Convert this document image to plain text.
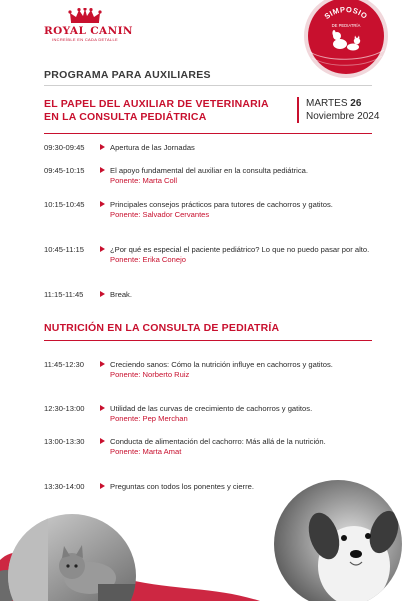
ROYAL CANIN
INCREÍBLE EN CADA DETALLE
SIMPOSIO
DE PEDIATRÍA
PROGRAMA PARA AUXILIARES
EL PAPEL DEL AUXILIAR DE VETERINARIA
EN LA CONSULTA PEDIÁTRICA
MARTES 26
Noviembre 2024
09:30-09:45	Apertura de las Jornadas
09:45-10:15	El apoyo fundamental del auxiliar en la consulta pediátrica.
Ponente: Marta Coll
10:15-10:45	Principales consejos prácticos para tutores de cachorros y gatitos.
Ponente: Salvador Cervantes
10:45-11:15	¿Por qué es especial el paciente pediátrico? Lo que no puedo pasar por alto.
Ponente: Erika Conejo
11:15-11:45	Break.
NUTRICIÓN EN LA CONSULTA DE PEDIATRÍA
11:45-12:30	Creciendo sanos: Cómo la nutrición influye en cachorros y gatitos.
Ponente: Norberto Ruiz
12:30-13:00	Utilidad de las curvas de crecimiento de cachorros y gatitos.
Ponente: Pep Merchan
13:00-13:30	Conducta de alimentación del cachorro: Más allá de la nutrición.
Ponente: Marta Amat
13:30-14:00	Preguntas con todos los ponentes y cierre.
